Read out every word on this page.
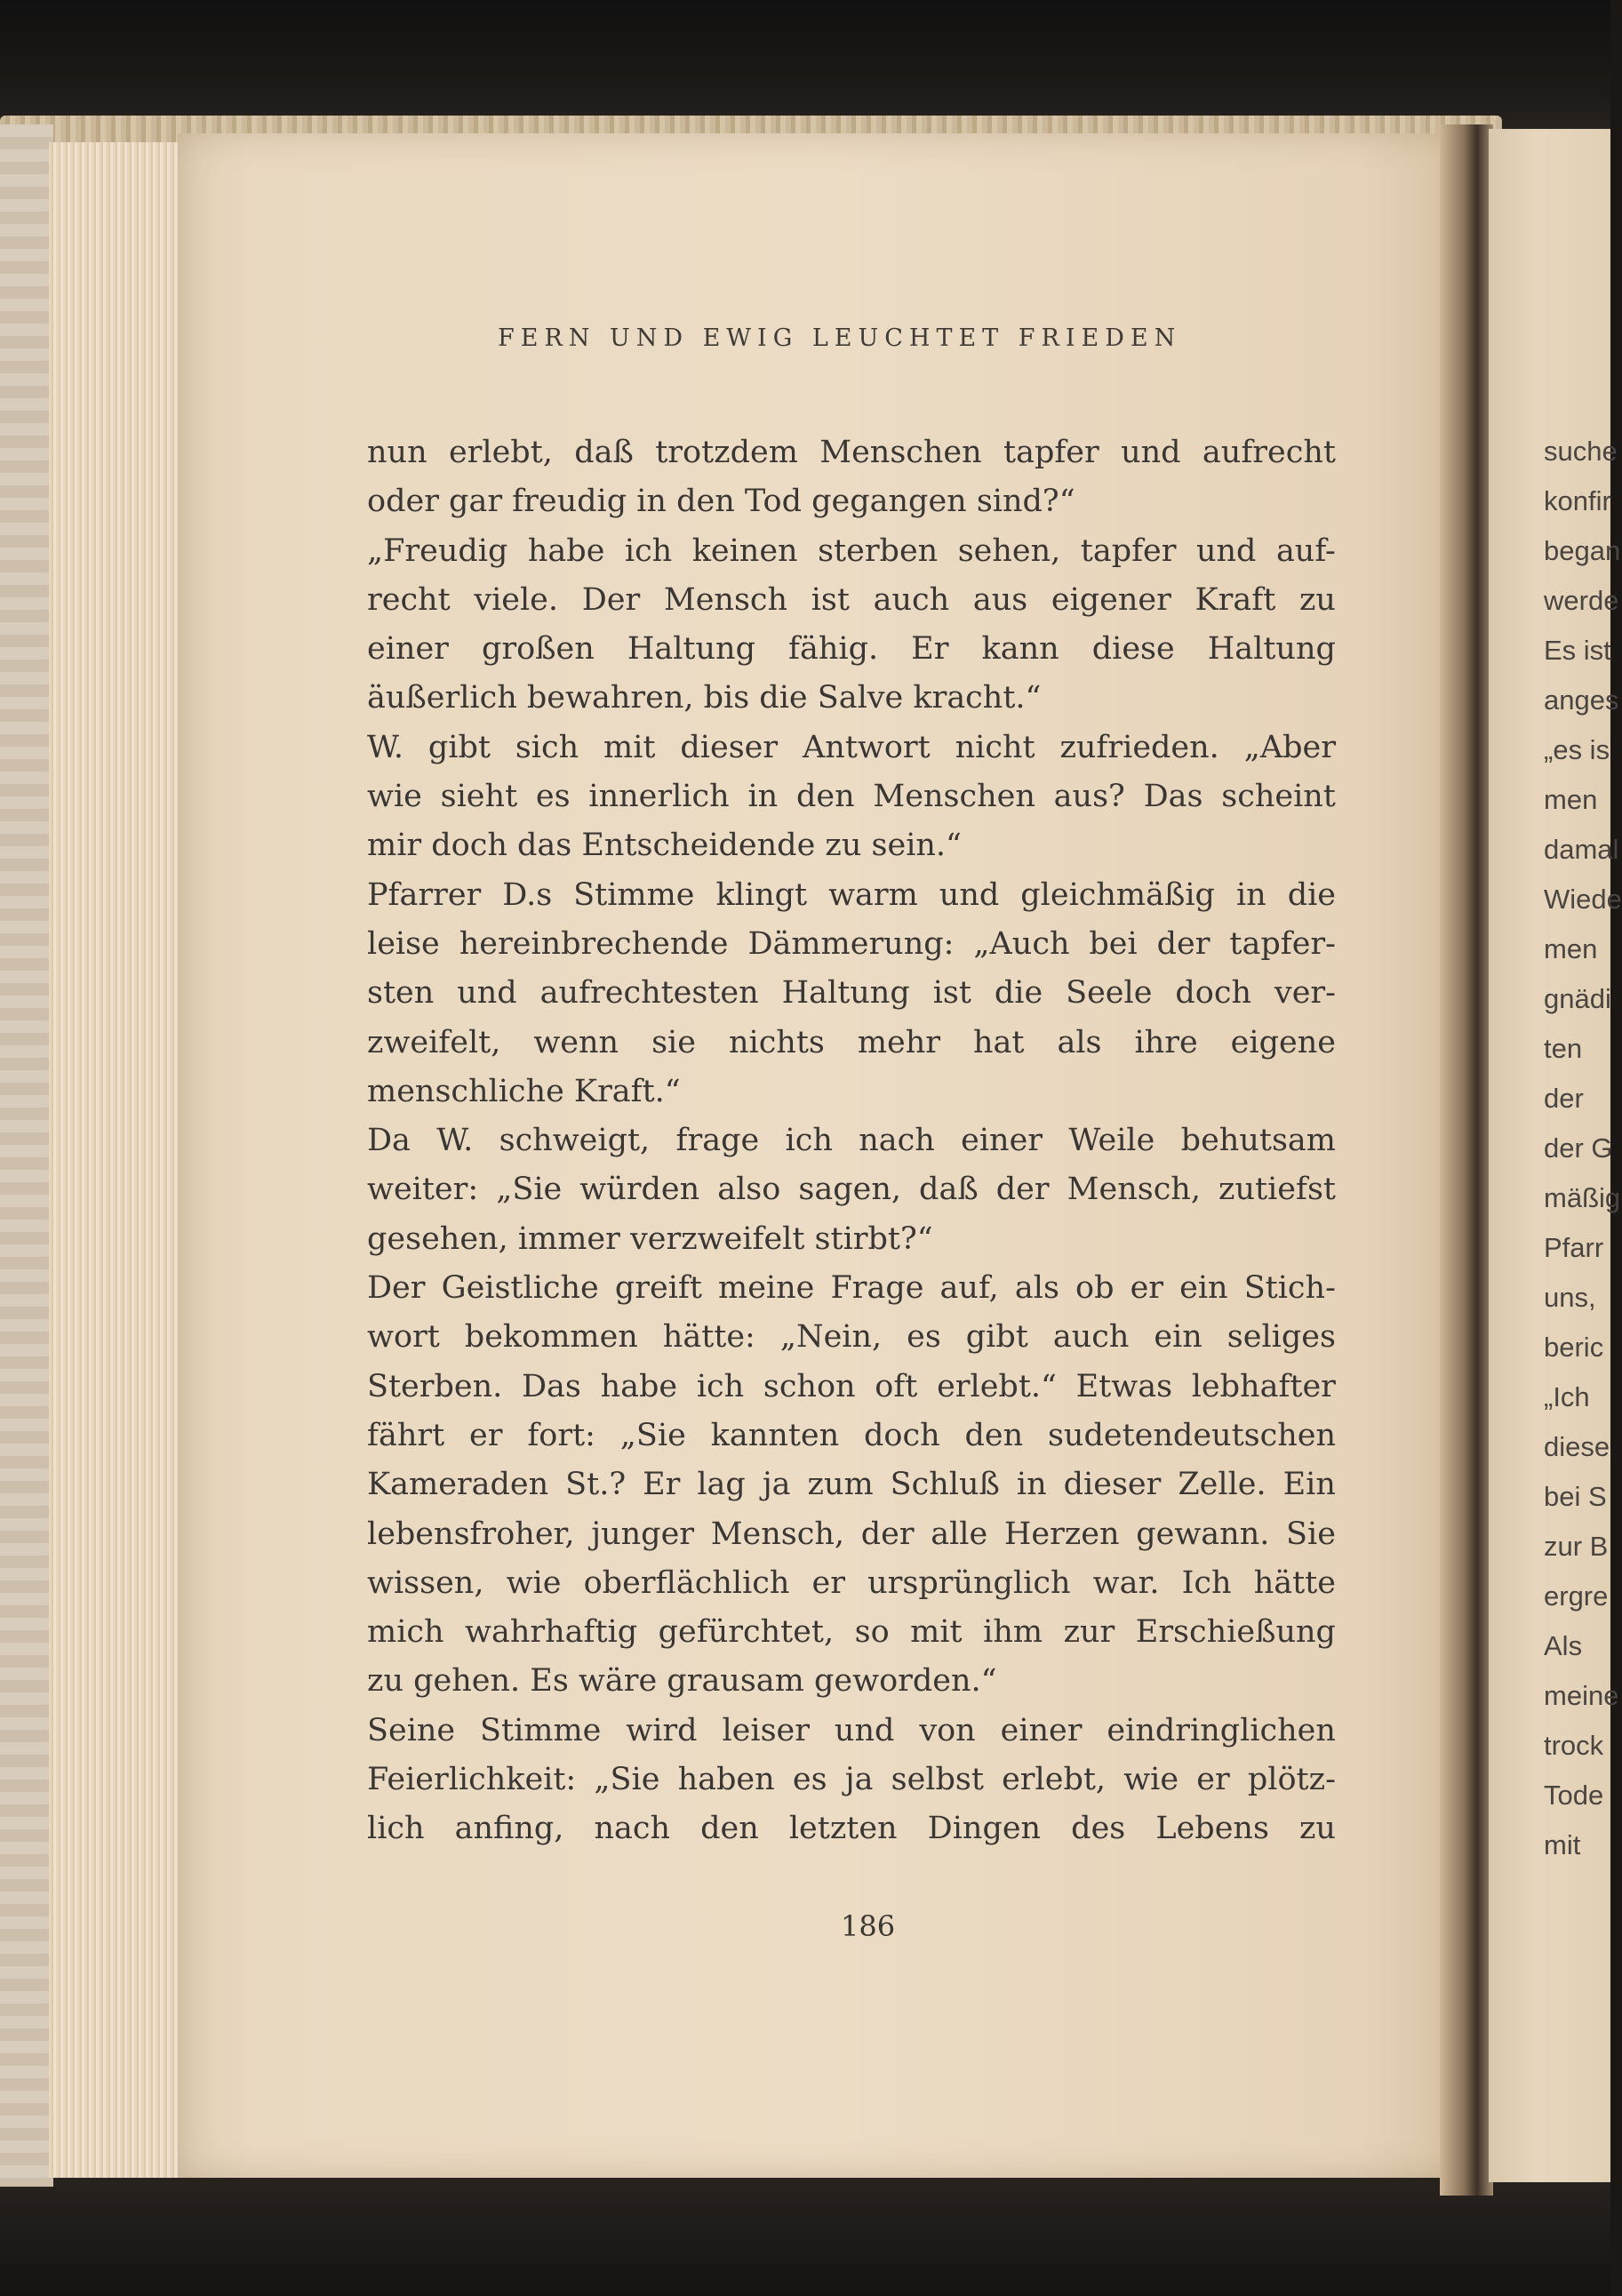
suche
konfir
began
werde
Es ist
anges
„es is
men
damal
Wiede
men
gnädi
ten
der
der G
mäßig
Pfarr
uns,
beric
„Ich
diese
bei S
zur B
ergre
Als
meine
trock
Tode
mit
FERN UND EWIG LEUCHTET FRIEDEN
nun erlebt, daß trotzdem Menschen tapfer und aufrecht
oder gar freudig in den Tod gegangen sind?“
„Freudig habe ich keinen sterben sehen, tapfer und auf-
recht viele. Der Mensch ist auch aus eigener Kraft zu
einer großen Haltung fähig. Er kann diese Haltung
äußerlich bewahren, bis die Salve kracht.“
W. gibt sich mit dieser Antwort nicht zufrieden. „Aber
wie sieht es innerlich in den Menschen aus? Das scheint
mir doch das Entscheidende zu sein.“
Pfarrer D.s Stimme klingt warm und gleichmäßig in die
leise hereinbrechende Dämmerung: „Auch bei der tapfer-
sten und aufrechtesten Haltung ist die Seele doch ver-
zweifelt, wenn sie nichts mehr hat als ihre eigene
menschliche Kraft.“
Da W. schweigt, frage ich nach einer Weile behutsam
weiter: „Sie würden also sagen, daß der Mensch, zutiefst
gesehen, immer verzweifelt stirbt?“
Der Geistliche greift meine Frage auf, als ob er ein Stich-
wort bekommen hätte: „Nein, es gibt auch ein seliges
Sterben. Das habe ich schon oft erlebt.“ Etwas lebhafter
fährt er fort: „Sie kannten doch den sudetendeutschen
Kameraden St.? Er lag ja zum Schluß in dieser Zelle. Ein
lebensfroher, junger Mensch, der alle Herzen gewann. Sie
wissen, wie oberflächlich er ursprünglich war. Ich hätte
mich wahrhaftig gefürchtet, so mit ihm zur Erschießung
zu gehen. Es wäre grausam geworden.“
Seine Stimme wird leiser und von einer eindringlichen
Feierlichkeit: „Sie haben es ja selbst erlebt, wie er plötz-
lich anfing, nach den letzten Dingen des Lebens zu
186
